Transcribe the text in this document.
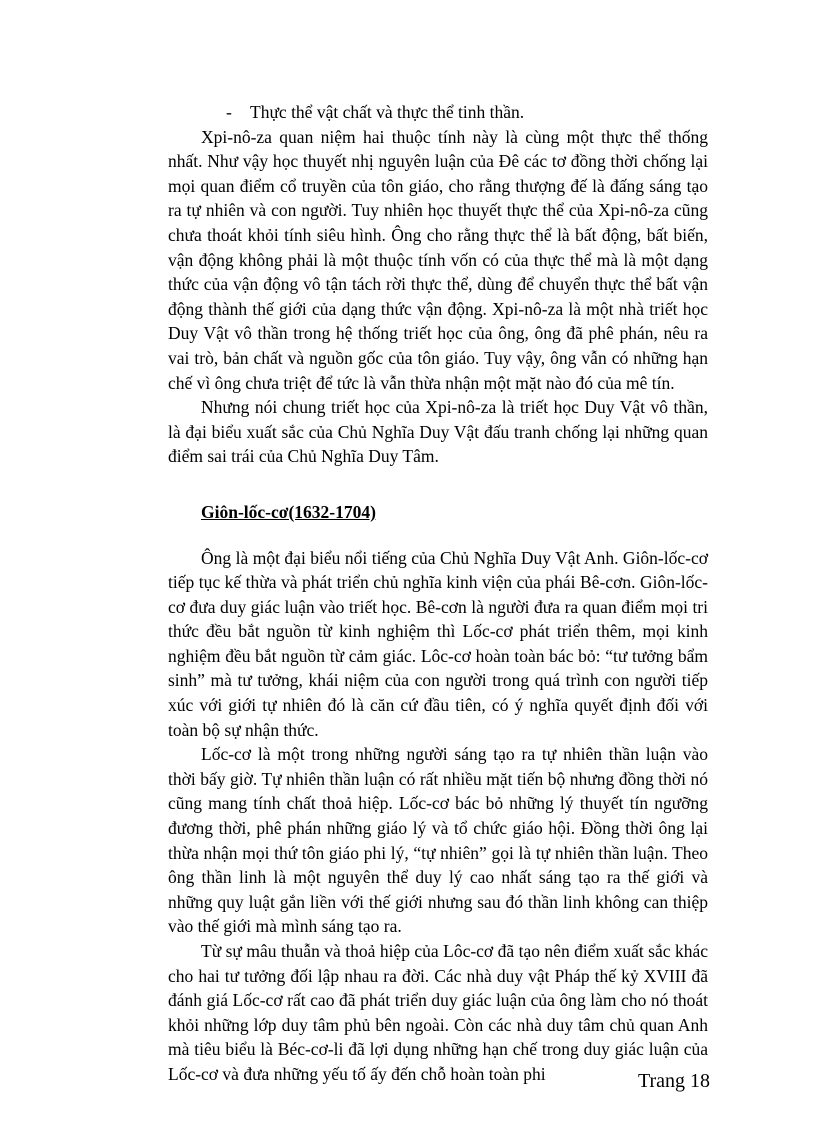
- Thực thể vật chất và thực thể tinh thần.

Xpi-nô-za quan niệm hai thuộc tính này là cùng một thực thể thống nhất. Như vậy học thuyết nhị nguyên luận của Đê các tơ đồng thời chống lại mọi quan điểm cổ truyền của tôn giáo, cho rằng thượng đế là đấng sáng tạo ra tự nhiên và con người. Tuy nhiên học thuyết thực thể của Xpi-nô-za cũng chưa thoát khỏi tính siêu hình. Ông cho rằng thực thể là bất động, bất biến, vận động không phải là một thuộc tính vốn có của thực thể mà là một dạng thức của vận động vô tận tách rời thực thể, dùng để chuyển thực thể bất vận động thành thế giới của dạng thức vận động. Xpi-nô-za là một nhà triết học Duy Vật vô thần trong hệ thống triết học của ông, ông đã phê phán, nêu ra vai trò, bản chất và nguồn gốc của tôn giáo. Tuy vậy, ông vẫn có những hạn chế vì ông chưa triệt để tức là vẫn thừa nhận một mặt nào đó của mê tín.

Nhưng nói chung triết học của Xpi-nô-za là triết học Duy Vật vô thần, là đại biểu xuất sắc của Chủ Nghĩa Duy Vật đấu tranh chống lại những quan điểm sai trái của Chủ Nghĩa Duy Tâm.

Giôn-lốc-cơ(1632-1704)

Ông là một đại biểu nổi tiếng của Chủ Nghĩa Duy Vật Anh. Giôn-lốc-cơ tiếp tục kế thừa và phát triển chủ nghĩa kinh viện của phái Bê-cơn. Giôn-lốc-cơ đưa duy giác luận vào triết học. Bê-cơn là người đưa ra quan điểm mọi tri thức đều bắt nguồn từ kinh nghiệm thì Lốc-cơ phát triển thêm, mọi kinh nghiệm đều bắt nguồn từ cảm giác. Lôc-cơ hoàn toàn bác bỏ: “tư tưởng bẩm sinh” mà tư tưởng, khái niệm của con người trong quá trình con người tiếp xúc với giới tự nhiên đó là căn cứ đầu tiên, có ý nghĩa quyết định đối với toàn bộ sự nhận thức.

Lốc-cơ là một trong những người sáng tạo ra tự nhiên thần luận vào thời bấy giờ. Tự nhiên thần luận có rất nhiều mặt tiến bộ nhưng đồng thời nó cũng mang tính chất thoả hiệp. Lốc-cơ bác bỏ những lý thuyết tín ngưỡng đương thời, phê phán những giáo lý và tổ chức giáo hội. Đồng thời ông lại thừa nhận mọi thứ tôn giáo phi lý, “tự nhiên” gọi là tự nhiên thần luận. Theo ông thần linh là một nguyên thể duy lý cao nhất sáng tạo ra thế giới và những quy luật gắn liền với thế giới nhưng sau đó thần linh không can thiệp vào thế giới mà mình sáng tạo ra.

Từ sự mâu thuẫn và thoả hiệp của Lôc-cơ đã tạo nên điểm xuất sắc khác cho hai tư tưởng đối lập nhau ra đời. Các nhà duy vật Pháp thế kỷ XVIII đã đánh giá Lốc-cơ rất cao đã phát triển duy giác luận của ông làm cho nó thoát khỏi những lớp duy tâm phủ bên ngoài. Còn các nhà duy tâm chủ quan Anh mà tiêu biểu là Béc-cơ-li đã lợi dụng những hạn chế trong duy giác luận của Lốc-cơ và đưa những yếu tố ấy đến chỗ hoàn toàn phi	Trang 18
